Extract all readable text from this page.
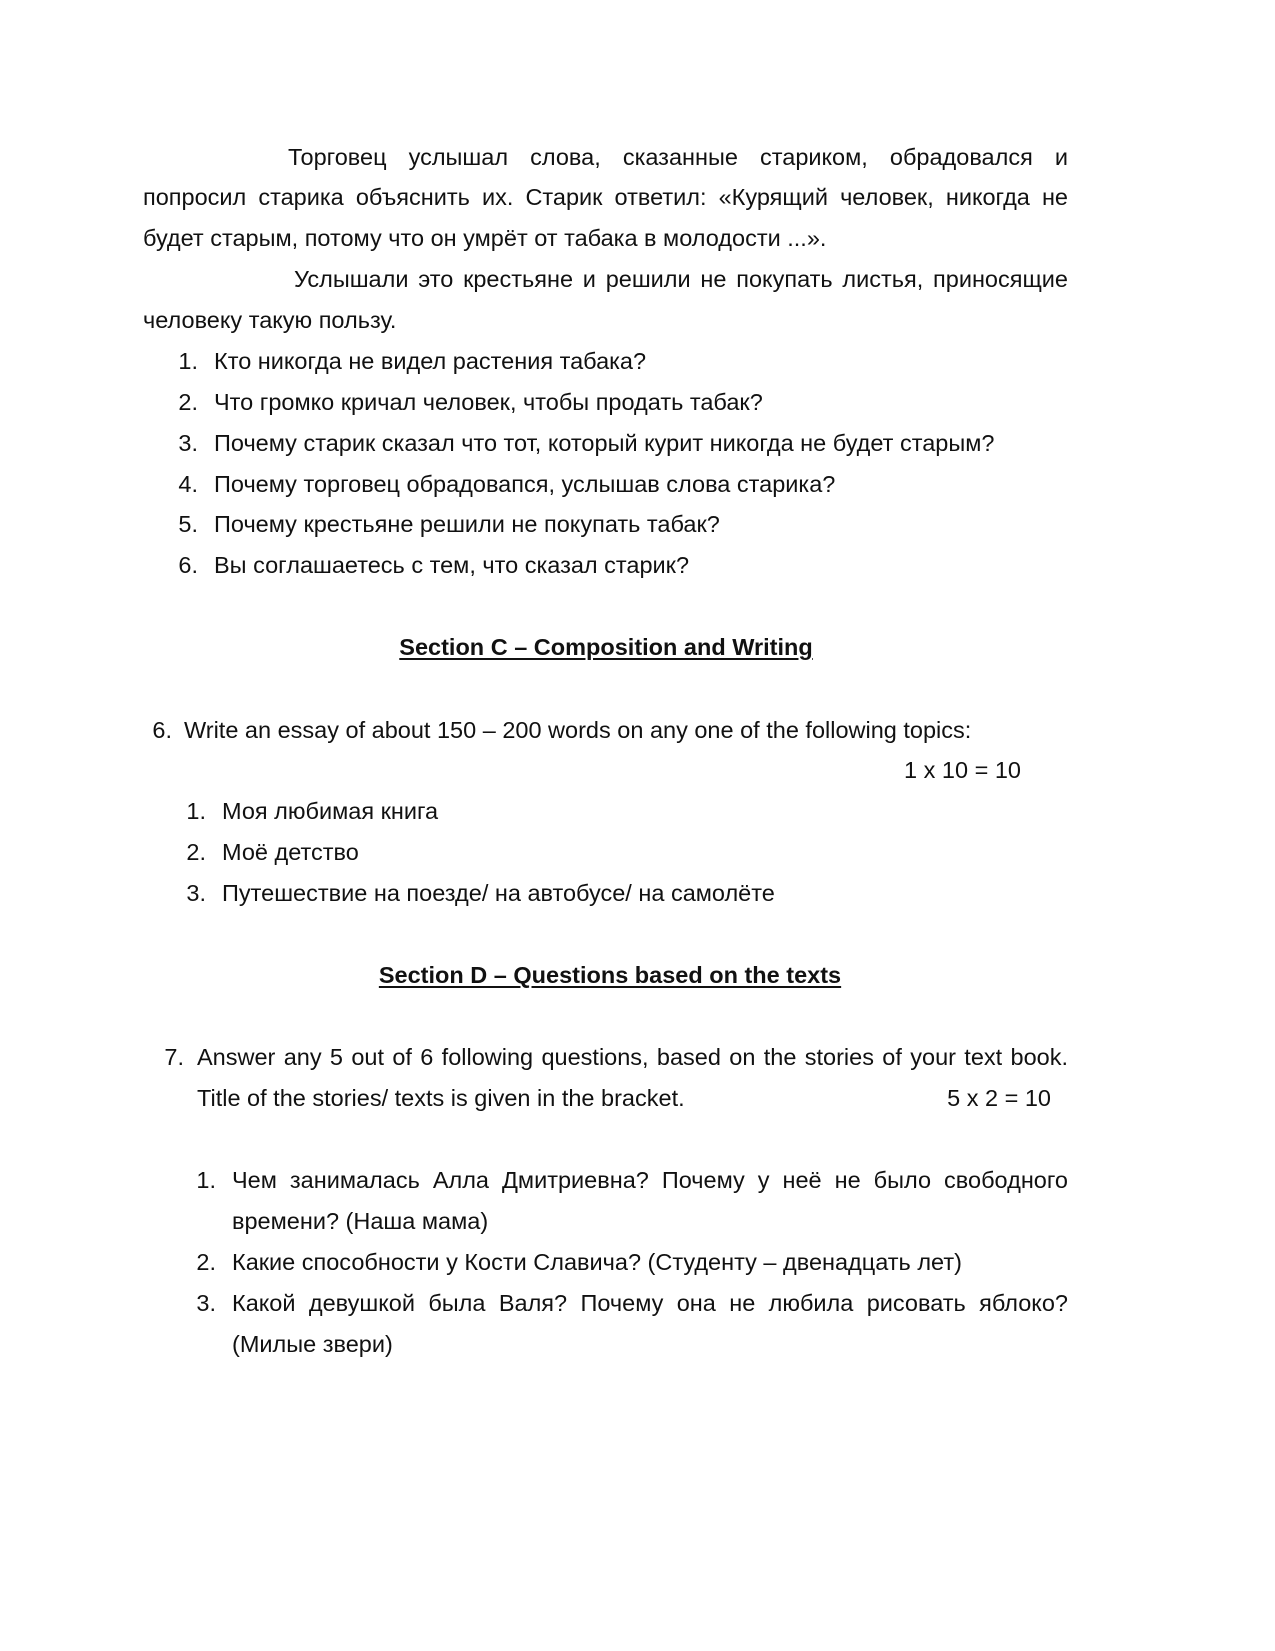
Торговец услышал слова, сказанные стариком, обрадовался и
попросил старика объяснить их. Старик ответил: «Курящий человек, никогда не
будет старым, потому что он умрёт от табака в молодости ...».
Услышали это крестьяне и решили не покупать листья, приносящие
человеку такую пользу.
1. Кто никогда не видел растения табака?
2. Что громко кричал человек, чтобы продать табак?
3. Почему старик сказал что тот, который курит никогда не будет старым?
4. Почему торговец обрадовапся, услышав слова старика?
5. Почему крестьяне решили не покупать табак?
6. Вы соглашаетесь с тем, что сказал старик?
Section C – Composition and Writing
6. Write an essay of about 150 – 200 words on any one of the following topics:
1 x 10 = 10
1. Моя любимая книга
2. Моё детство
3. Путешествие на поезде/ на автобусе/ на самолёте
Section D – Questions based on the texts
7. Answer any 5 out of 6 following questions, based on the stories of your text book.
Title of the stories/ texts is given in the bracket.	5 x 2 = 10
1. Чем занималась Алла Дмитриевна? Почему у неё не было свободного
времени? (Наша мама)
2. Какие способности у Кости Славича? (Студенту – двенадцать лет)
3. Какой девушкой была Валя? Почему она не любила рисовать яблоко?
(Милые звери)
